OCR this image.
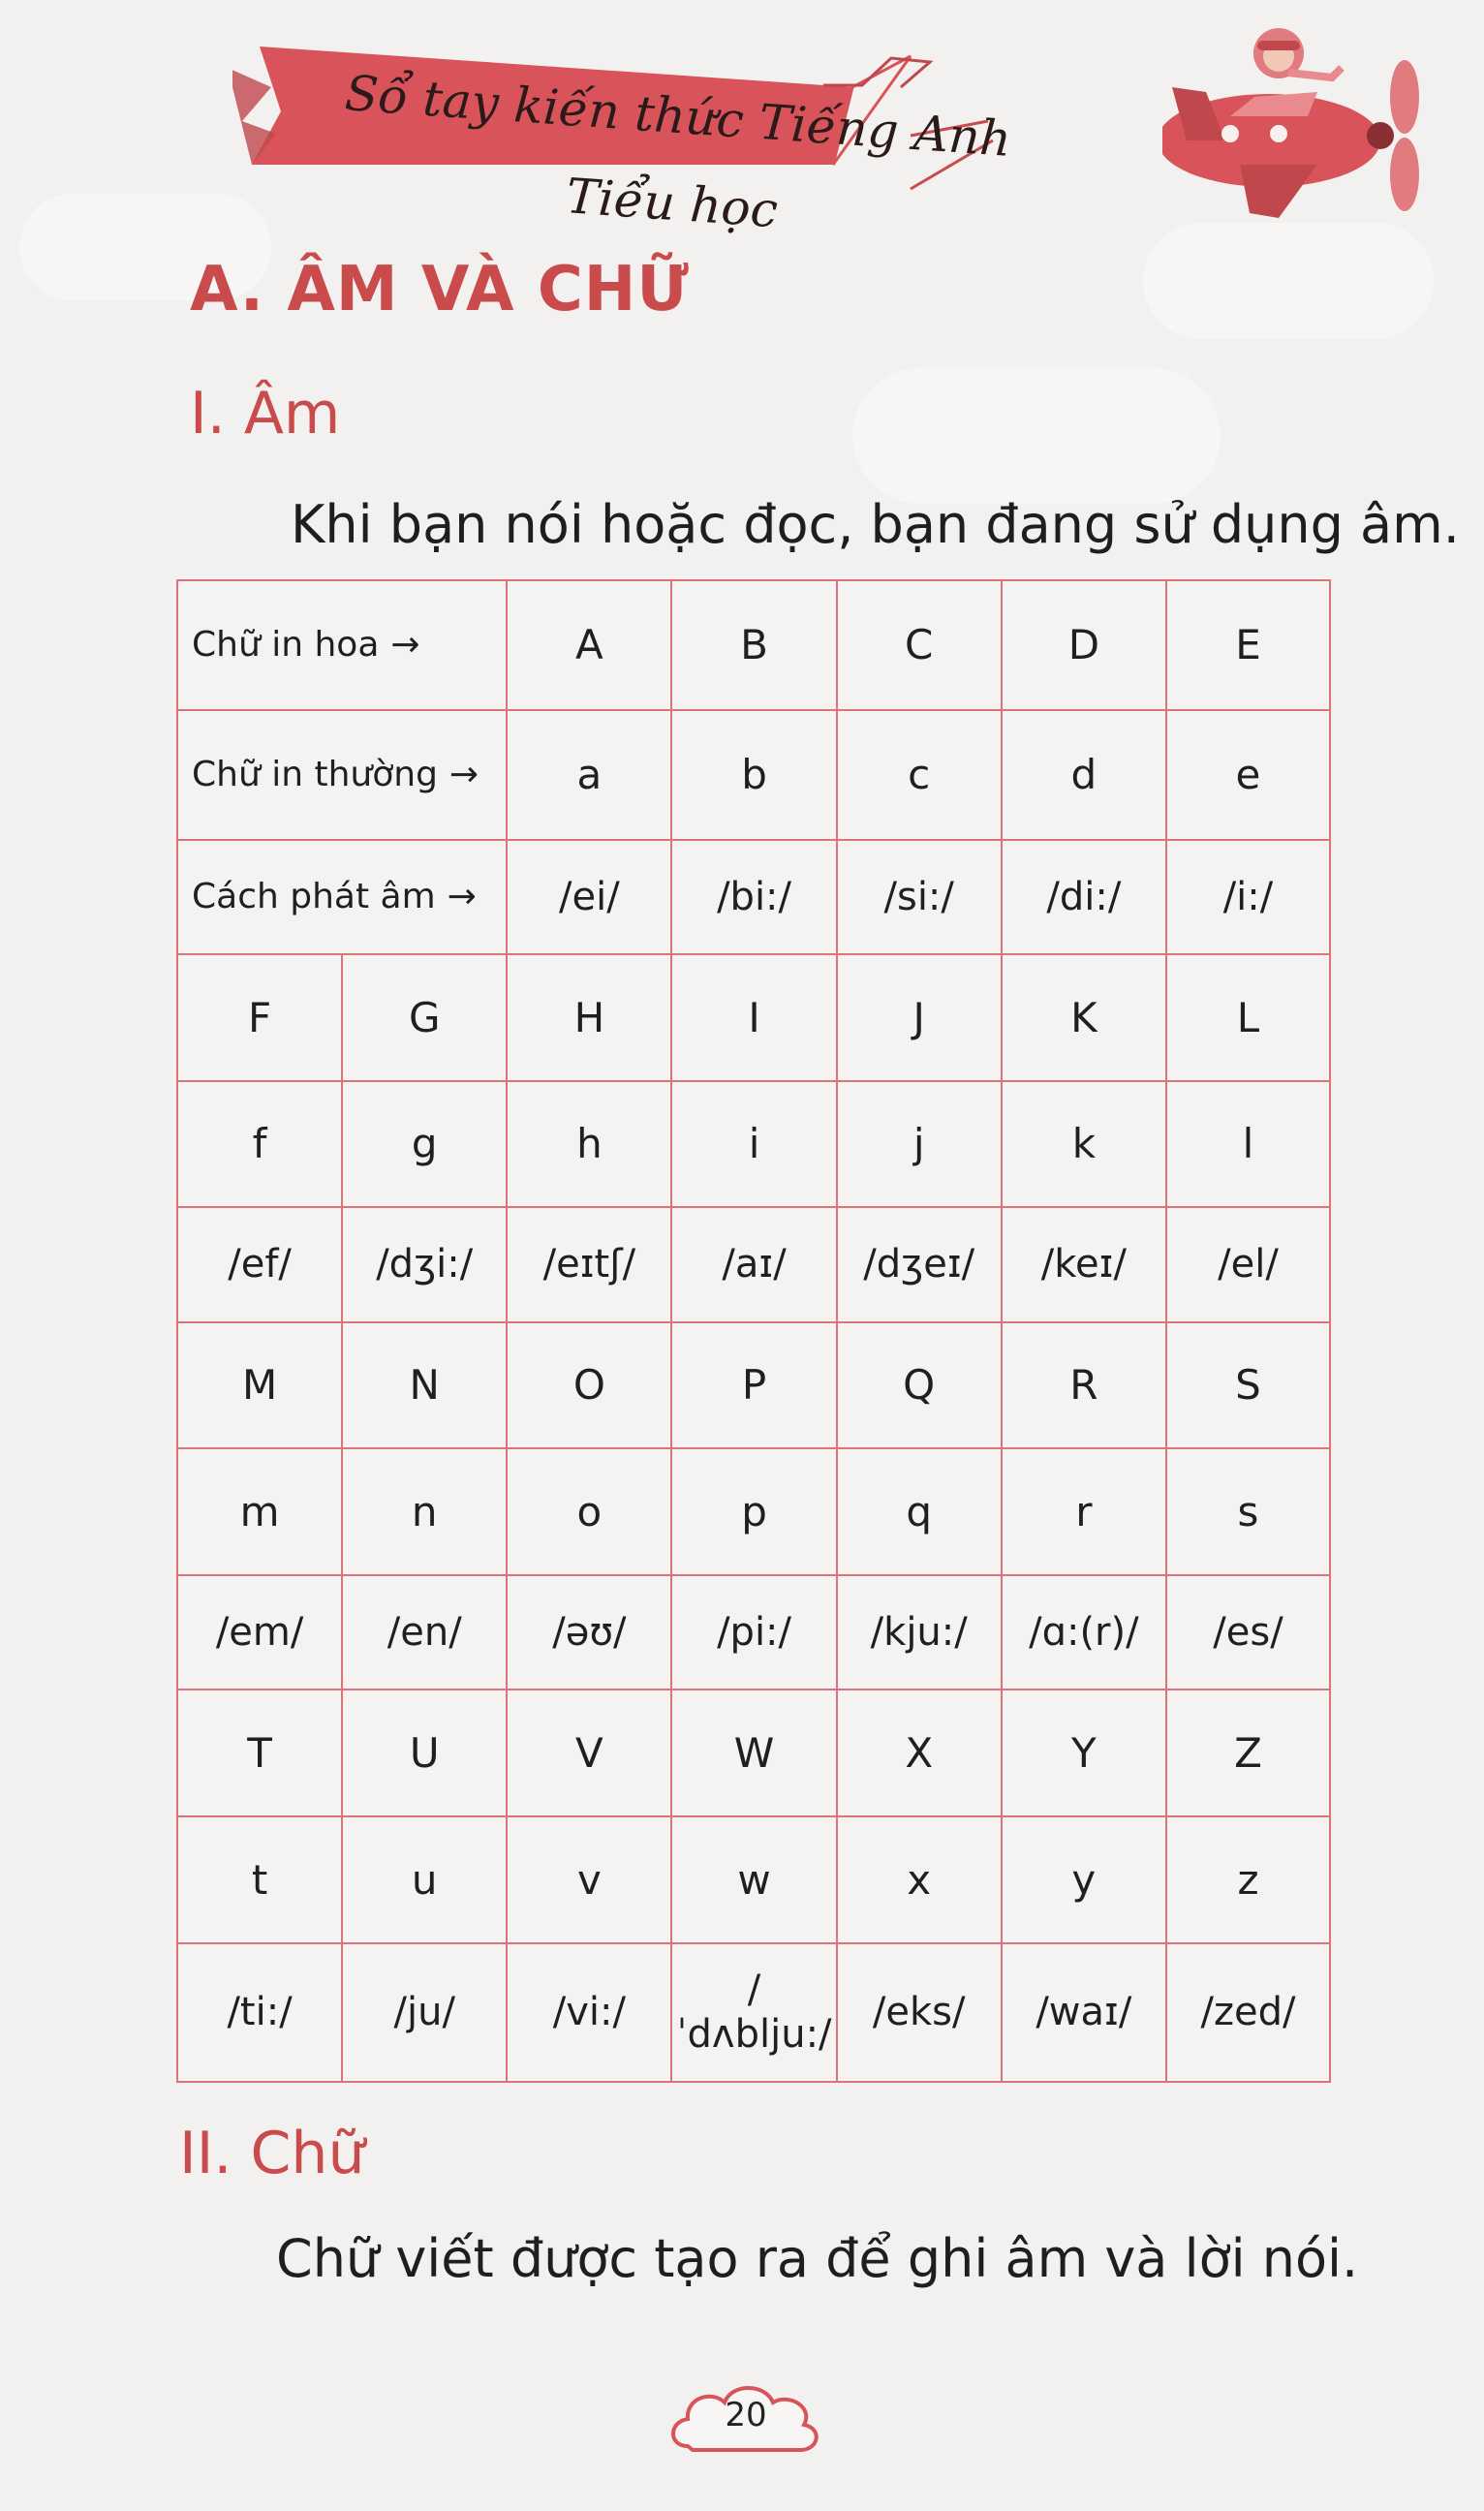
Sổ tay kiến thức Tiếng Anh Tiểu học
A. ÂM VÀ CHỮ
I. Âm
Khi bạn nói hoặc đọc, bạn đang sử dụng âm.
Chữ in hoa →		A	B	C	D	E
Chữ in thường →		a	b	c	d	e
Cách phát âm →		/ei/	/bi:/	/si:/	/di:/	/i:/
F	G	H	I	J	K	L
f	g	h	i	j	k	l
/ef/	/dʒi:/	/eɪtʃ/	/aɪ/	/dʒeɪ/	/keɪ/	/el/
M	N	O	P	Q	R	S
m	n	o	p	q	r	s
/em/	/en/	/əʊ/	/pi:/	/kju:/	/ɑ:(r)/	/es/
T	U	V	W	X	Y	Z
t	u	v	w	x	y	z
/ti:/	/ju/	/vi:/	/ˈdʌblju:/	/eks/	/waɪ/	/zed/
II. Chữ
Chữ viết được tạo ra để ghi âm và lời nói.
20
